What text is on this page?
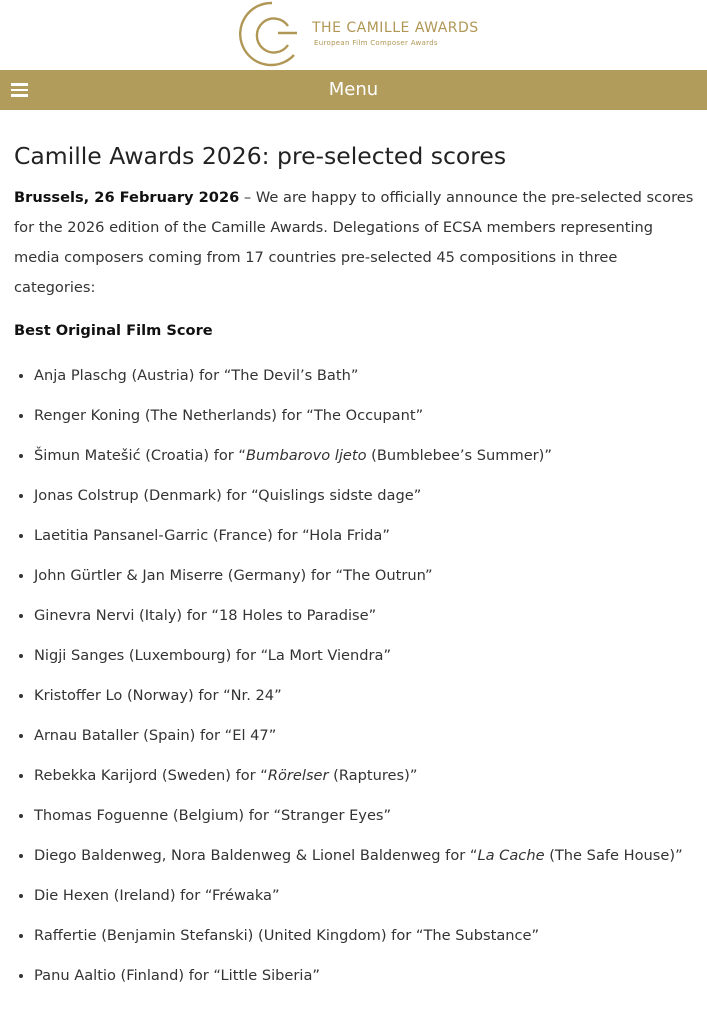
THE CAMILLE AWARDS
European Film Composer Awards
Menu
Camille Awards 2026: pre-selected scores

Brussels, 26 February 2026 – We are happy to officially announce the pre-selected scores for the 2026 edition of the Camille Awards. Delegations of ECSA members representing media composers coming from 17 countries pre-selected 45 compositions in three categories:

Best Original Film Score
• Anja Plaschg (Austria) for “The Devil’s Bath”
• Renger Koning (The Netherlands) for “The Occupant”
• Šimun Matešić (Croatia) for “Bumbarovo ljeto (Bumblebee’s Summer)”
• Jonas Colstrup (Denmark) for “Quislings sidste dage”
• Laetitia Pansanel-Garric (France) for “Hola Frida”
• John Gürtler & Jan Miserre (Germany) for “The Outrun”
• Ginevra Nervi (Italy) for “18 Holes to Paradise”
• Nigji Sanges (Luxembourg) for “La Mort Viendra”
• Kristoffer Lo (Norway) for “Nr. 24”
• Arnau Bataller (Spain) for “El 47”
• Rebekka Karijord (Sweden) for “Rörelser (Raptures)”
• Thomas Foguenne (Belgium) for “Stranger Eyes”
• Diego Baldenweg, Nora Baldenweg & Lionel Baldenweg for “La Cache (The Safe House)”
• Die Hexen (Ireland) for “Fréwaka”
• Raffertie (Benjamin Stefanski) (United Kingdom) for “The Substance”
• Panu Aaltio (Finland) for “Little Siberia”
